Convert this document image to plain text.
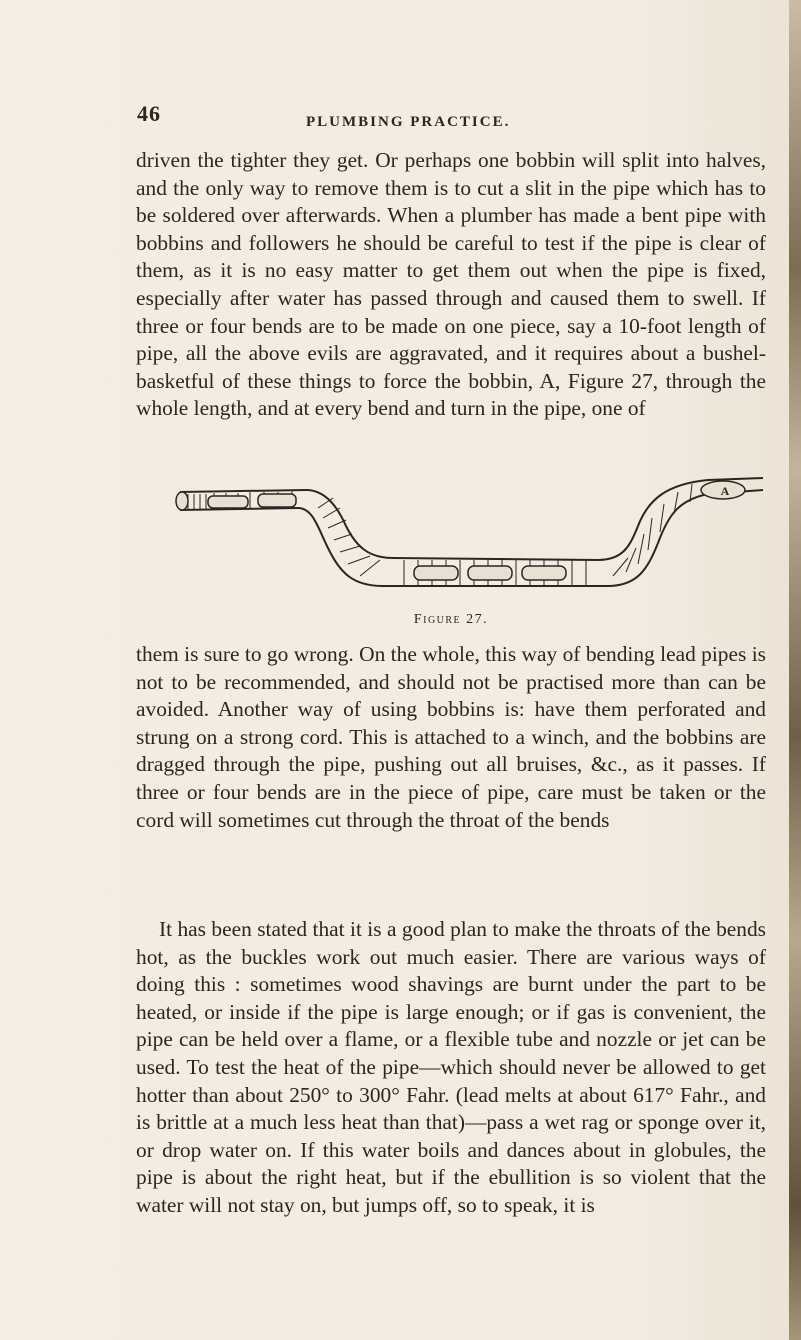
46	PLUMBING PRACTICE.

driven the tighter they get. Or perhaps one bobbin will split into halves, and the only way to remove them is to cut a slit in the pipe which has to be soldered over afterwards. When a plumber has made a bent pipe with bobbins and followers he should be careful to test if the pipe is clear of them, as it is no easy matter to get them out when the pipe is fixed, especially after water has passed through and caused them to swell. If three or four bends are to be made on one piece, say a 10-foot length of pipe, all the above evils are aggravated, and it requires about a bushel-basketful of these things to force the bobbin, A, Figure 27, through the whole length, and at every bend and turn in the pipe, one of

A
Figure 27.

them is sure to go wrong. On the whole, this way of bending lead pipes is not to be recommended, and should not be practised more than can be avoided. Another way of using bobbins is: have them perforated and strung on a strong cord. This is attached to a winch, and the bobbins are dragged through the pipe, pushing out all bruises, &c., as it passes. If three or four bends are in the piece of pipe, care must be taken or the cord will sometimes cut through the throat of the bends

It has been stated that it is a good plan to make the throats of the bends hot, as the buckles work out much easier. There are various ways of doing this : sometimes wood shavings are burnt under the part to be heated, or inside if the pipe is large enough; or if gas is convenient, the pipe can be held over a flame, or a flexible tube and nozzle or jet can be used. To test the heat of the pipe—which should never be allowed to get hotter than about 250° to 300° Fahr. (lead melts at about 617° Fahr., and is brittle at a much less heat than that)—pass a wet rag or sponge over it, or drop water on. If this water boils and dances about in globules, the pipe is about the right heat, but if the ebullition is so violent that the water will not stay on, but jumps off, so to speak, it is
